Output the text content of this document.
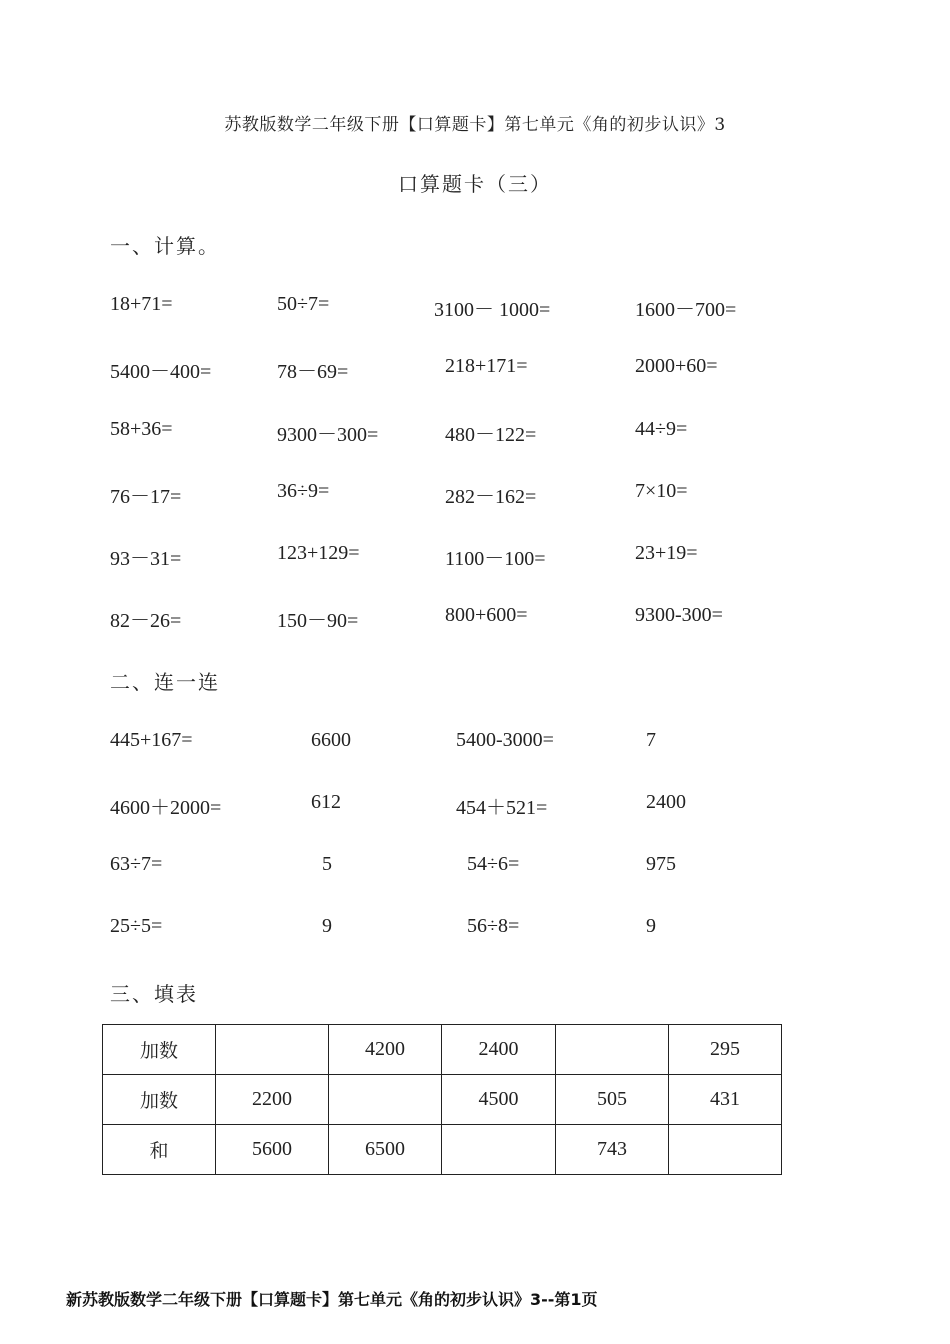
苏教版数学二年级下册【口算题卡】第七单元《角的初步认识》3
口算题卡（三）
一、计算。
18+71=	50÷7=	3100－ 1000=	1600－700=
5400－400=	78－69=	218+171=	2000+60=
58+36=	9300－300=	480－122=	44÷9=
76－17=	36÷9=	282－162=	7×10=
93－31=	123+129=	1100－100=	23+19=
82－26=	150－90=	800+600=	9300-300=
二、连一连
445+167=	6600	5400-3000=	7
4600＋2000=	612	454＋521=	2400
63÷7=	5	54÷6=	975
25÷5=	9	56÷8=	9
三、填表
加数		4200	2400		295
加数	2200		4500	505	431
和	5600	6500		743	
新苏教版数学二年级下册【口算题卡】第七单元《角的初步认识》3--第1页
